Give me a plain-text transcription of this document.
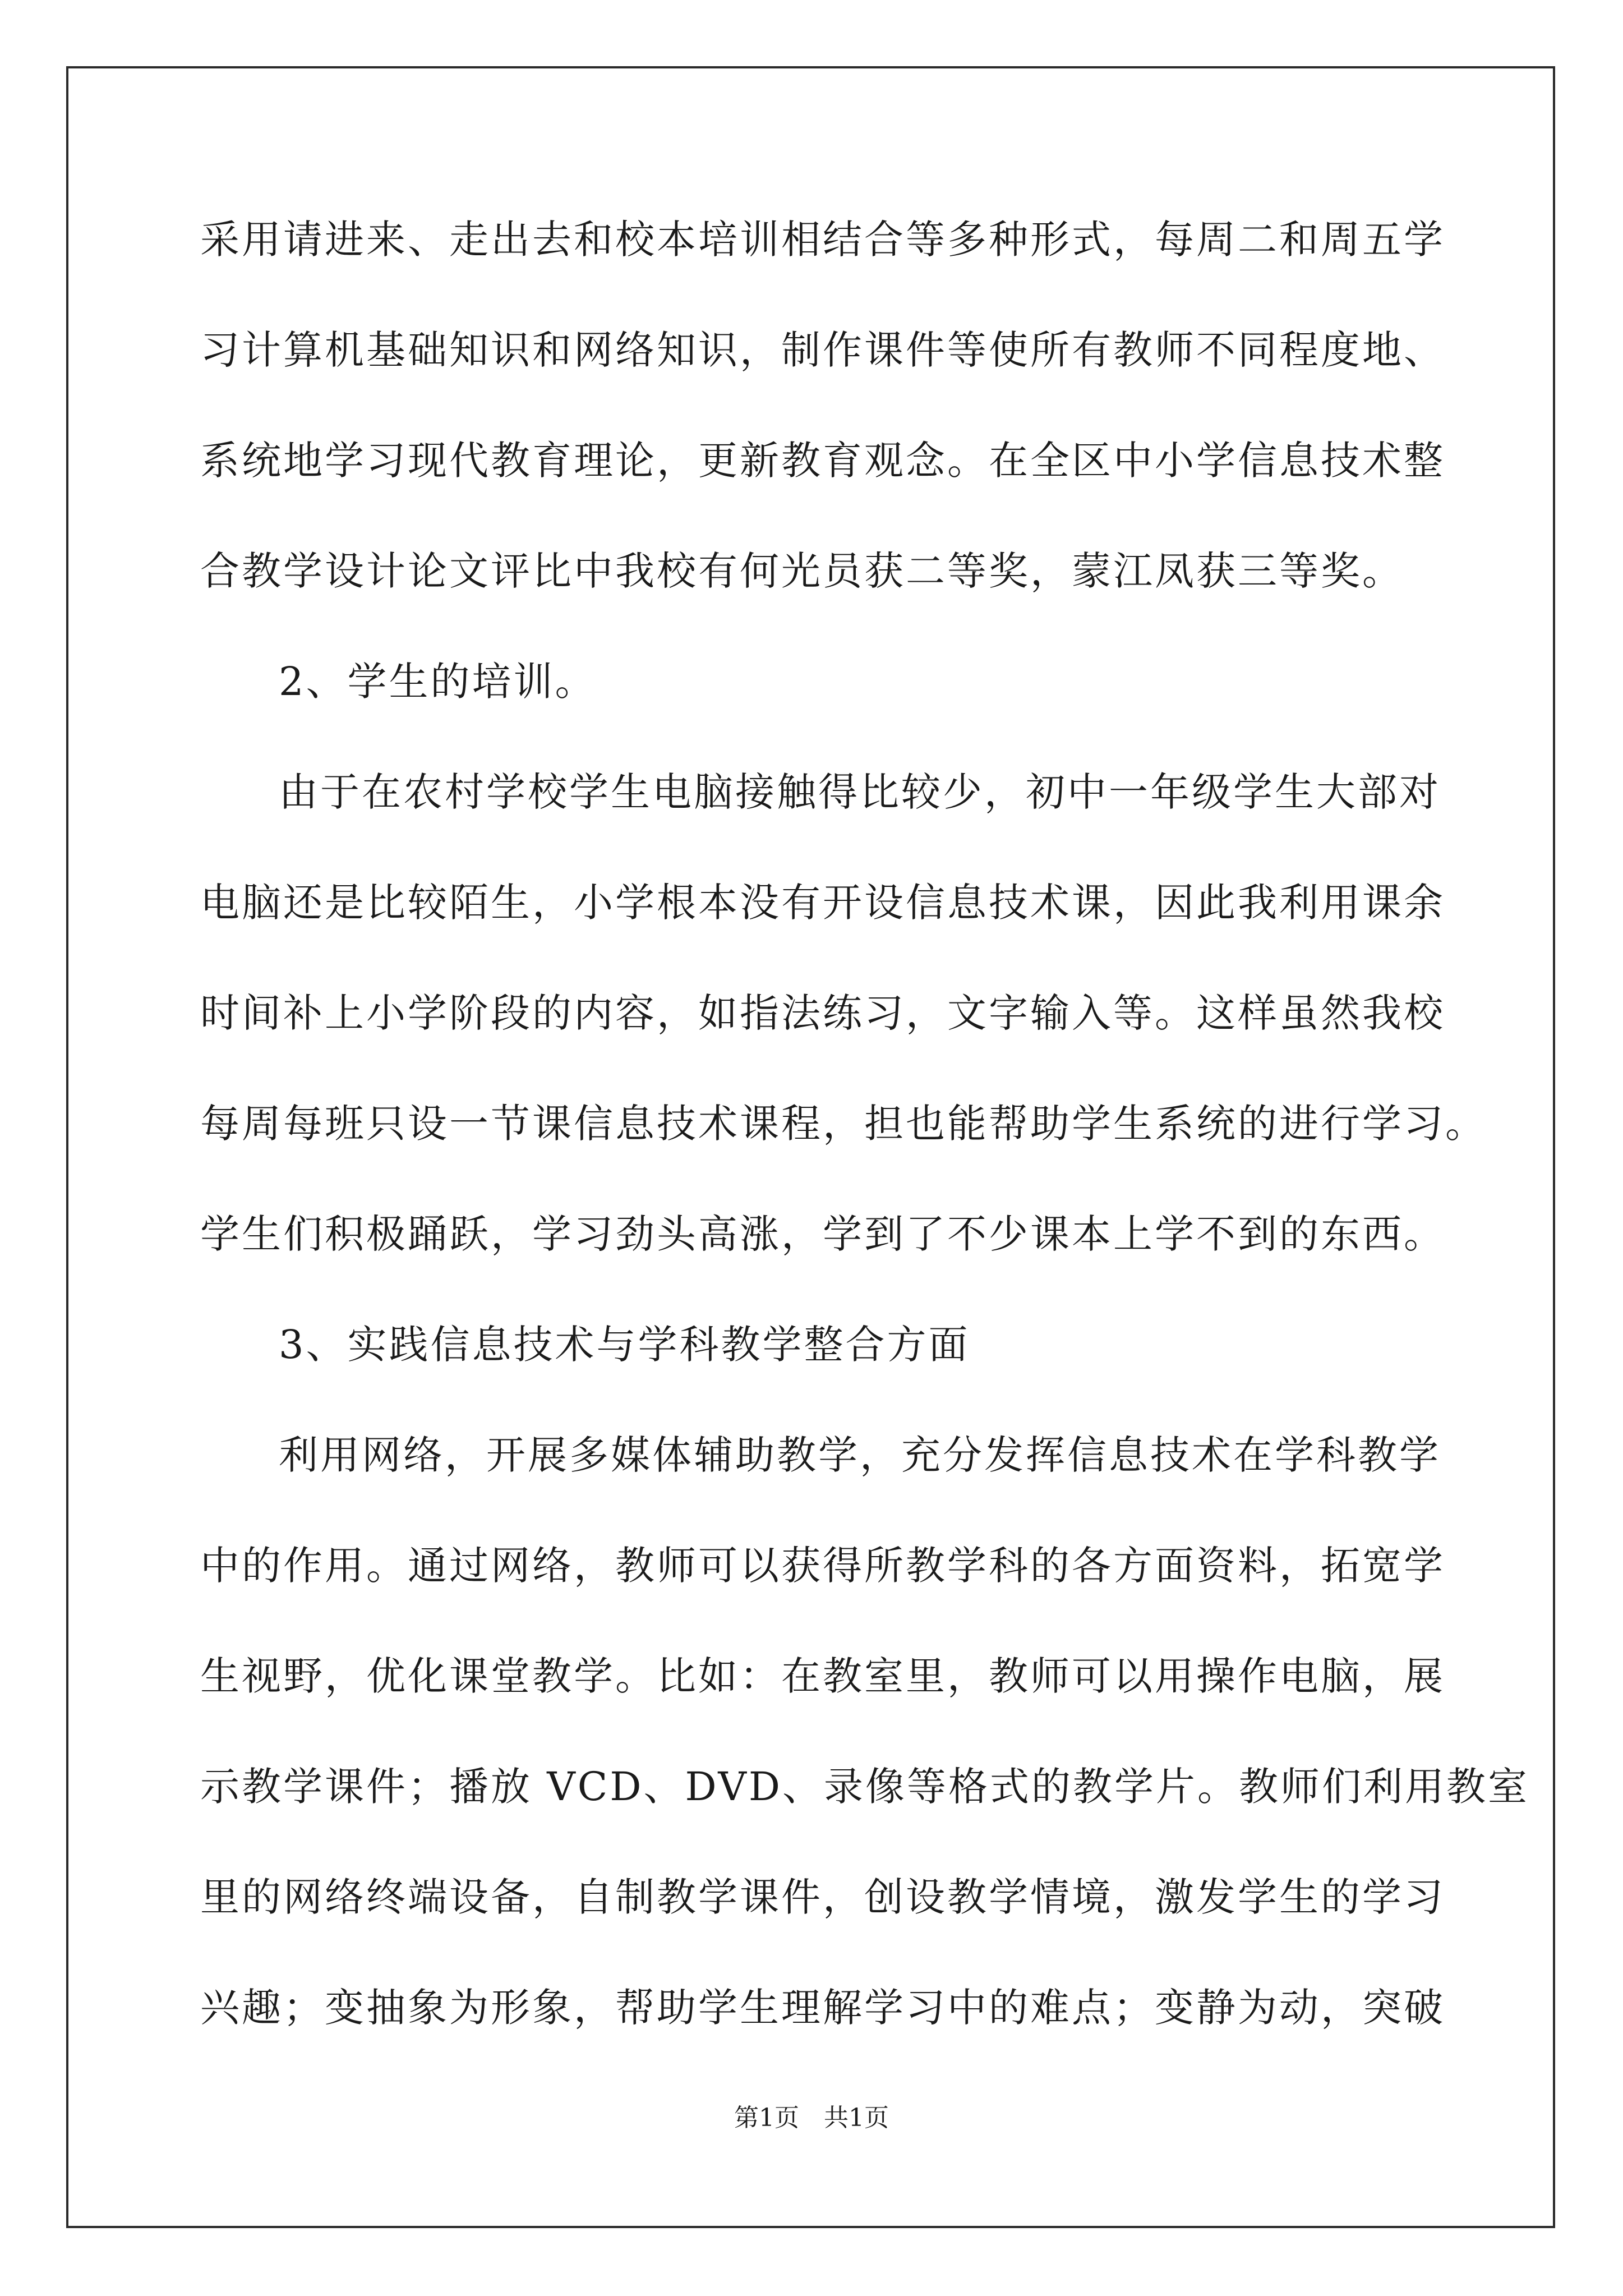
采用请进来、走出去和校本培训相结合等多种形式，每周二和周五学
习计算机基础知识和网络知识，制作课件等使所有教师不同程度地、
系统地学习现代教育理论，更新教育观念。在全区中小学信息技术整
合教学设计论文评比中我校有何光员获二等奖，蒙江凤获三等奖。
2、学生的培训。
由于在农村学校学生电脑接触得比较少，初中一年级学生大部对
电脑还是比较陌生，小学根本没有开设信息技术课，因此我利用课余
时间补上小学阶段的内容，如指法练习，文字输入等。这样虽然我校
每周每班只设一节课信息技术课程，担也能帮助学生系统的进行学习。
学生们积极踊跃，学习劲头高涨，学到了不少课本上学不到的东西。
3、实践信息技术与学科教学整合方面
利用网络，开展多媒体辅助教学，充分发挥信息技术在学科教学
中的作用。通过网络，教师可以获得所教学科的各方面资料，拓宽学
生视野，优化课堂教学。比如：在教室里，教师可以用操作电脑，展
示教学课件；播放 VCD、DVD、录像等格式的教学片。教师们利用教室
里的网络终端设备，自制教学课件，创设教学情境，激发学生的学习
兴趣；变抽象为形象，帮助学生理解学习中的难点；变静为动，突破
第1页 共1页
